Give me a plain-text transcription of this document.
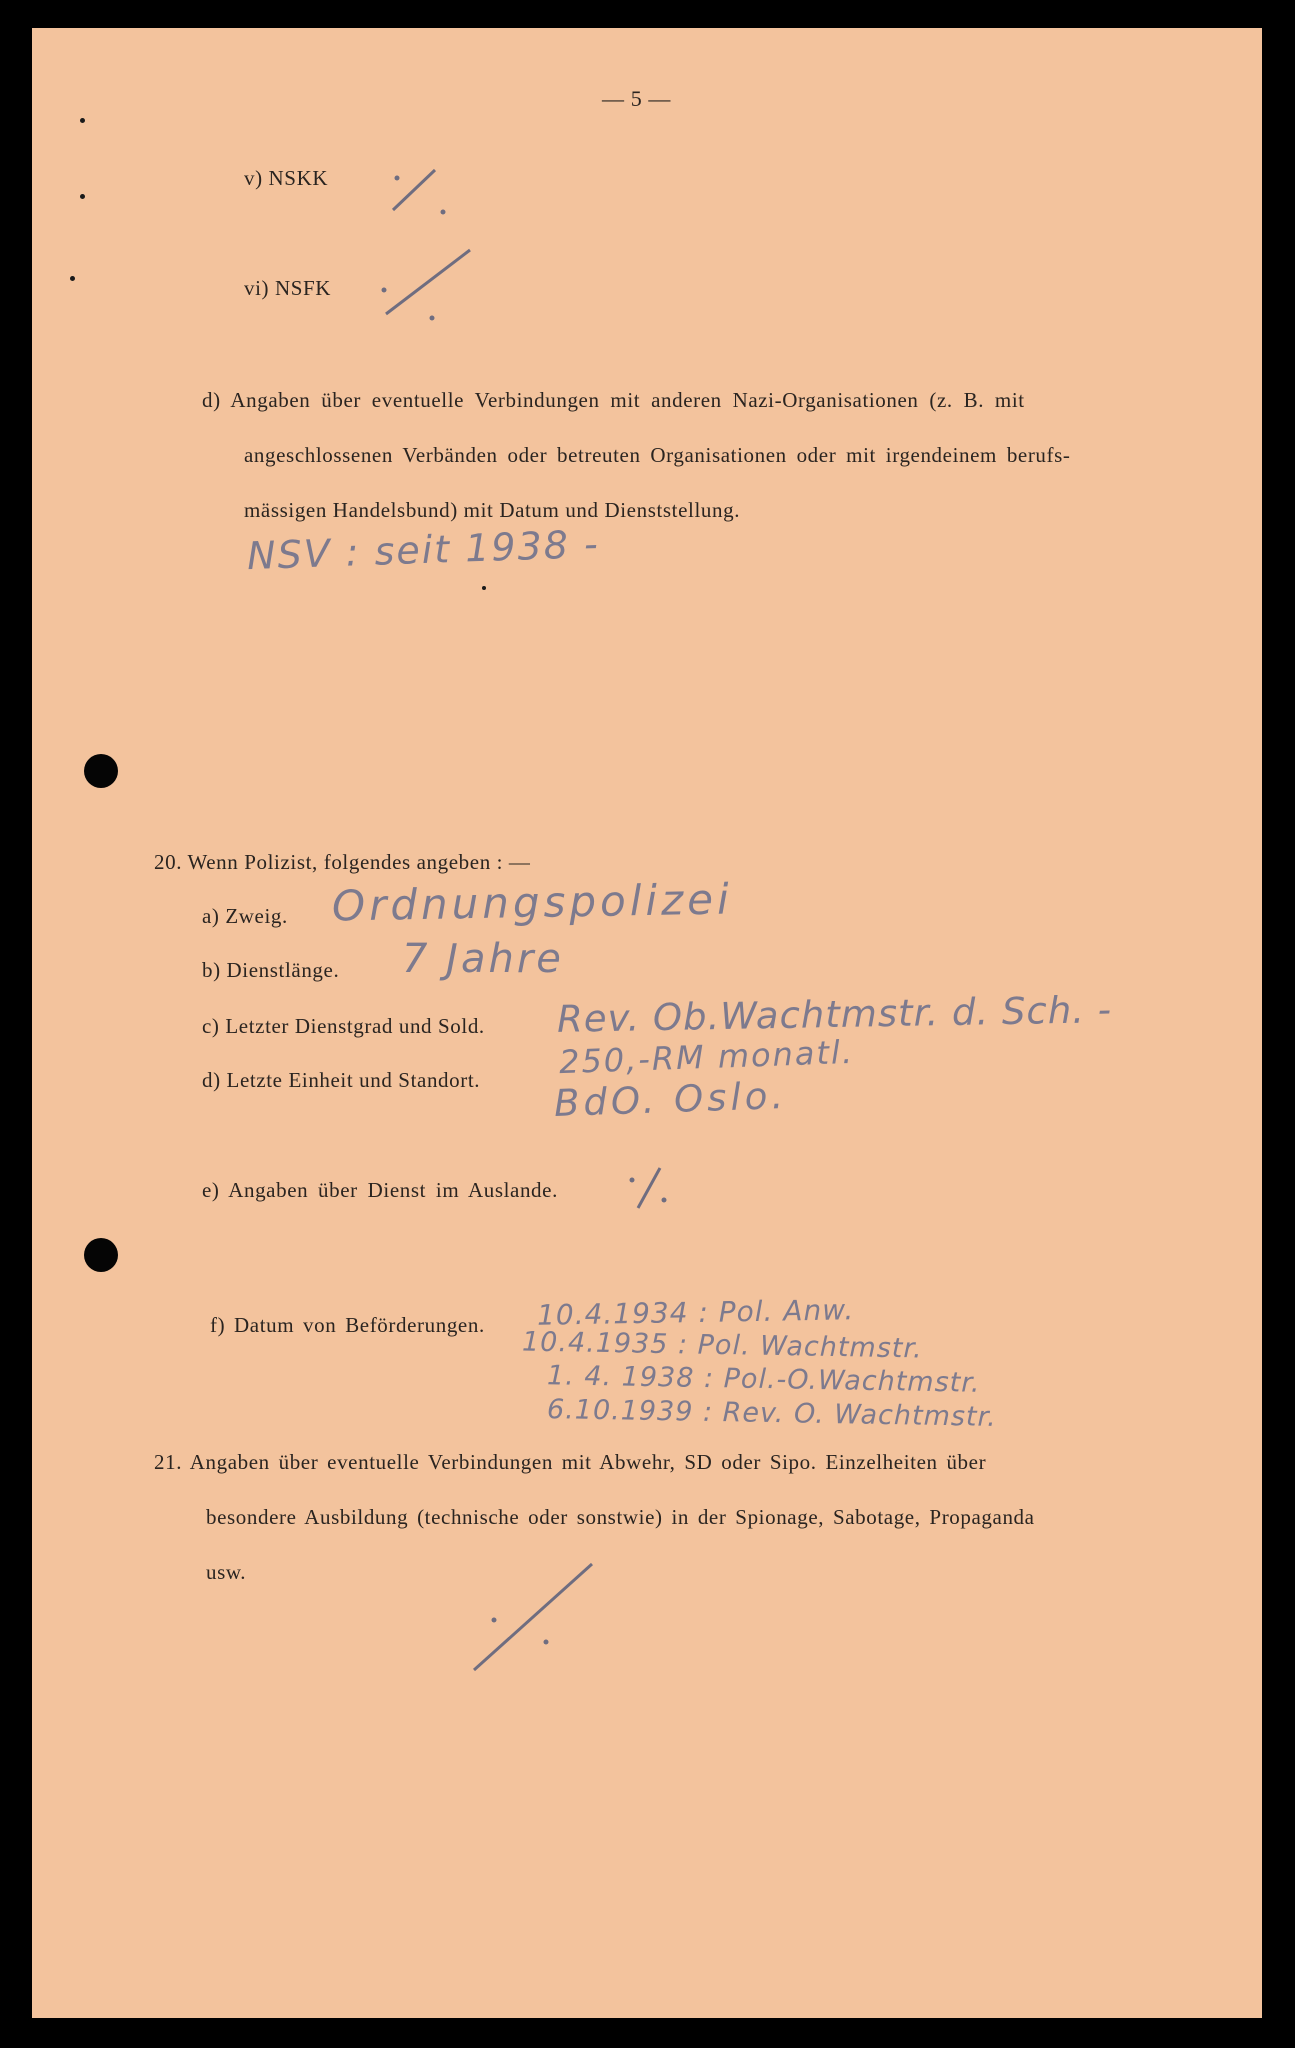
— 5 —
v) NSKK
vi) NSFK
d) Angaben über eventuelle Verbindungen mit anderen Nazi-Organisationen (z. B. mit
angeschlossenen Verbänden oder betreuten Organisationen oder mit irgendeinem berufs-
mässigen Handelsbund) mit Datum und Dienststellung.
NSV : seit 1938 -
20. Wenn Polizist, folgendes angeben : —
a) Zweig. Ordnungspolizei
b) Dienstlänge. 7 Jahre
c) Letzter Dienstgrad und Sold. Rev. Ob.Wachtmstr. d. Sch. -
250,-RM monatl.
d) Letzte Einheit und Standort. BdO. Oslo.
e) Angaben über Dienst im Auslande.
f) Datum von Beförderungen. 10.4.1934 : Pol. Anw.
10.4.1935 : Pol. Wachtmstr.
1. 4. 1938 : Pol.-O.Wachtmstr.
6.10.1939 : Rev. O. Wachtmstr.
21. Angaben über eventuelle Verbindungen mit Abwehr, SD oder Sipo. Einzelheiten über
besondere Ausbildung (technische oder sonstwie) in der Spionage, Sabotage, Propaganda
usw.
